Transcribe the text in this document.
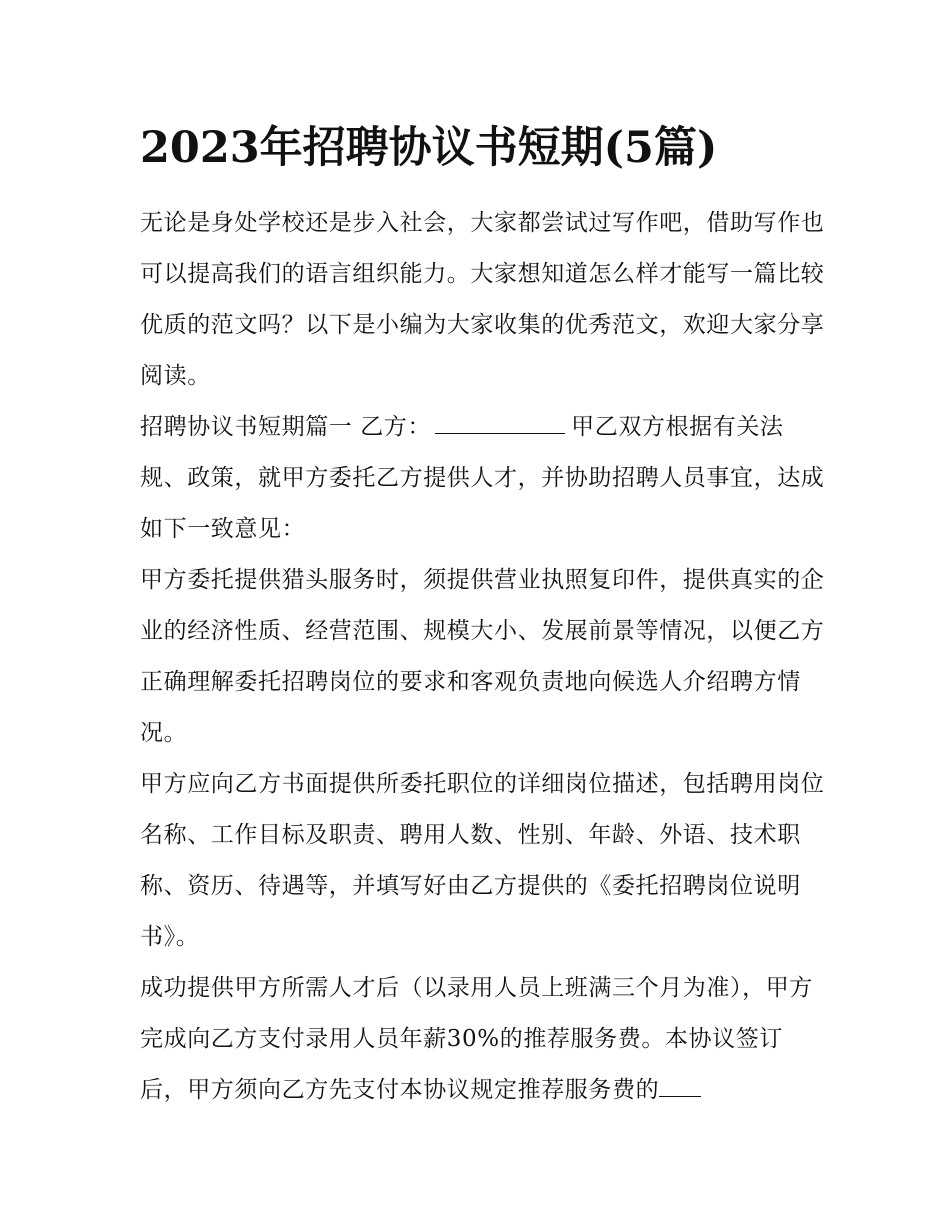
2023年招聘协议书短期(5篇)

无论是身处学校还是步入社会，大家都尝试过写作吧，借助写作也可以提高我们的语言组织能力。大家想知道怎么样才能写一篇比较优质的范文吗？以下是小编为大家收集的优秀范文，欢迎大家分享阅读。

招聘协议书短期篇一 乙方：	甲乙双方根据有关法规、政策，就甲方委托乙方提供人才，并协助招聘人员事宜，达成如下一致意见：

甲方委托提供猎头服务时，须提供营业执照复印件，提供真实的企业的经济性质、经营范围、规模大小、发展前景等情况，以便乙方正确理解委托招聘岗位的要求和客观负责地向候选人介绍聘方情况。

甲方应向乙方书面提供所委托职位的详细岗位描述，包括聘用岗位名称、工作目标及职责、聘用人数、性别、年龄、外语、技术职称、资历、待遇等，并填写好由乙方提供的《委托招聘岗位说明书》。

成功提供甲方所需人才后（以录用人员上班满三个月为准），甲方完成向乙方支付录用人员年薪30%的推荐服务费。本协议签订后，甲方须向乙方先支付本协议规定推荐服务费的
